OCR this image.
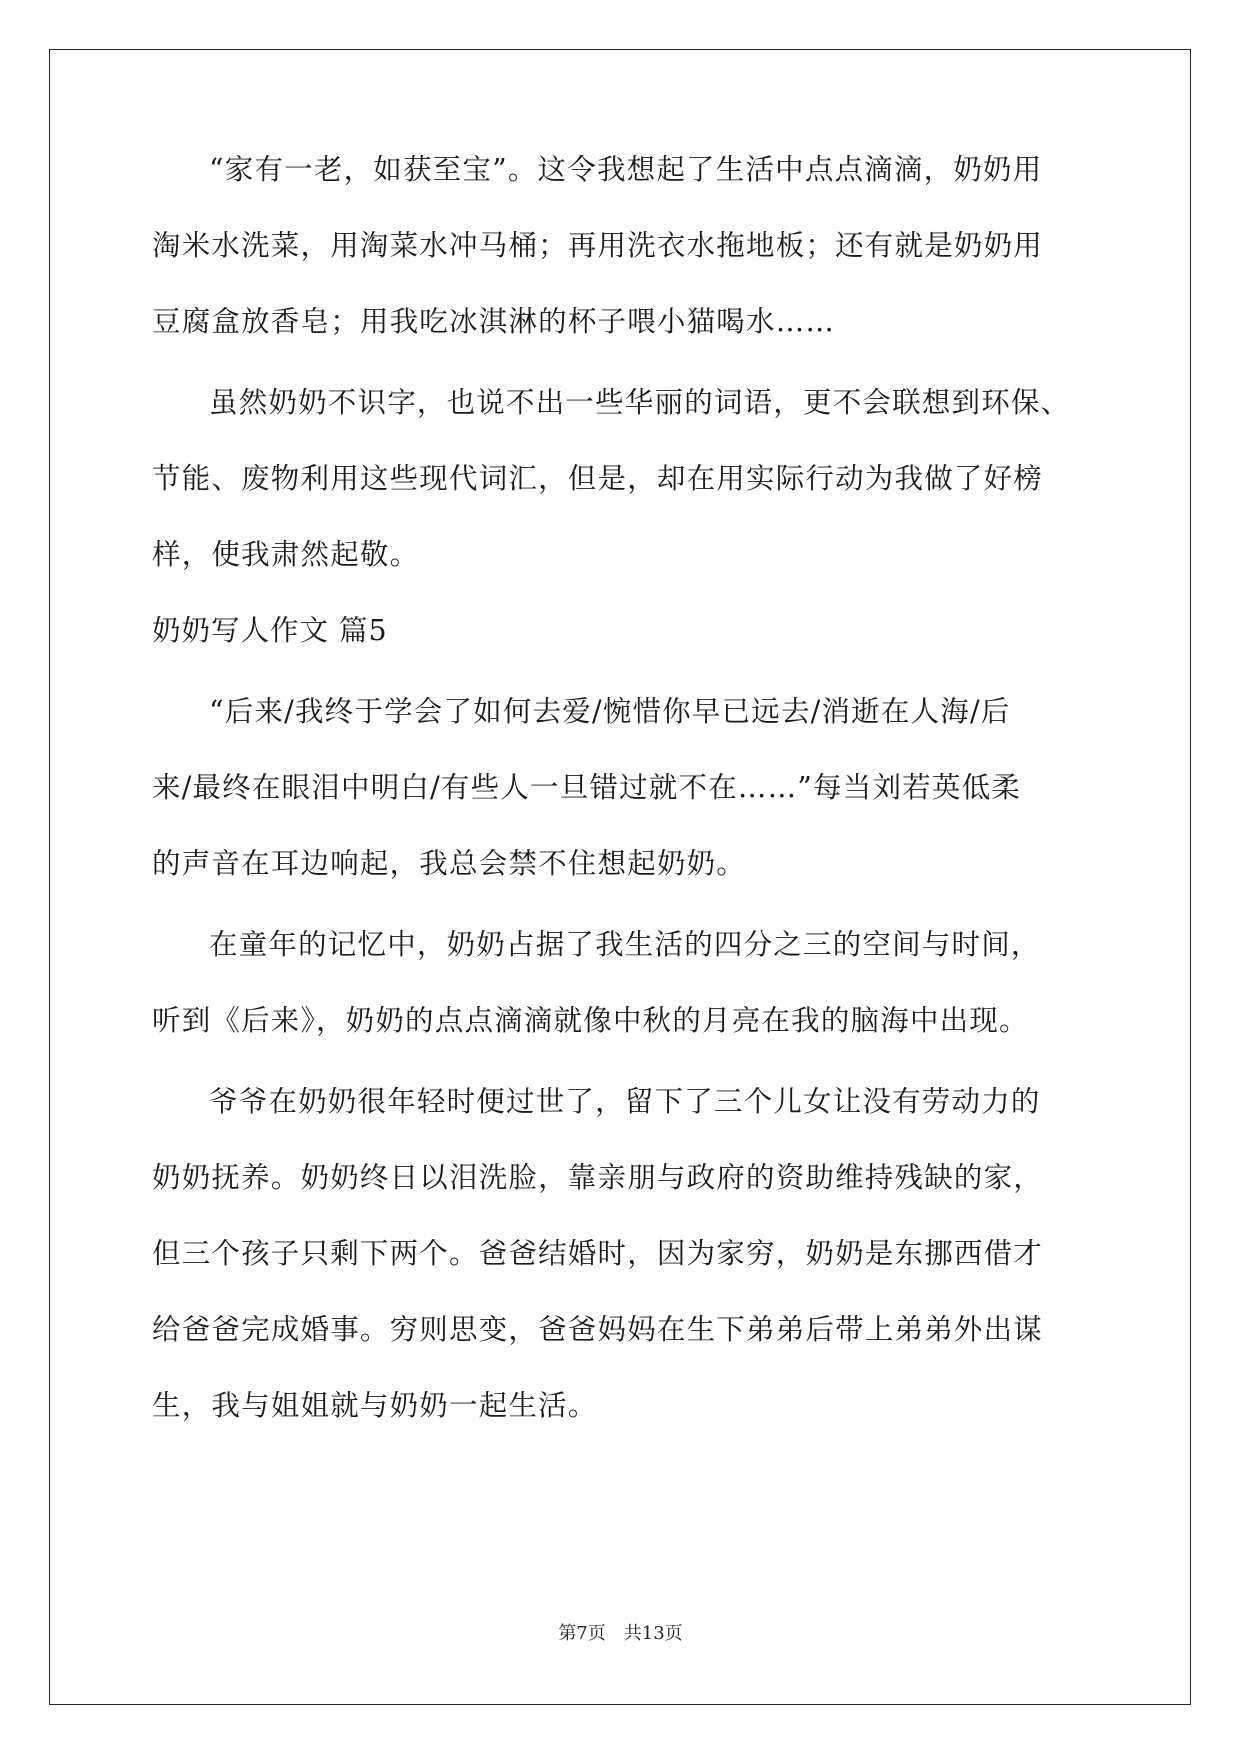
“家有一老，如获至宝”。这令我想起了生活中点点滴滴，奶奶用
淘米水洗菜，用淘菜水冲马桶；再用洗衣水拖地板；还有就是奶奶用
豆腐盒放香皂；用我吃冰淇淋的杯子喂小猫喝水……
虽然奶奶不识字，也说不出一些华丽的词语，更不会联想到环保、
节能、废物利用这些现代词汇，但是，却在用实际行动为我做了好榜
样，使我肃然起敬。
奶奶写人作文 篇5
“后来/我终于学会了如何去爱/惋惜你早已远去/消逝在人海/后
来/最终在眼泪中明白/有些人一旦错过就不在……”每当刘若英低柔
的声音在耳边响起，我总会禁不住想起奶奶。
在童年的记忆中，奶奶占据了我生活的四分之三的空间与时间，
听到《后来》，奶奶的点点滴滴就像中秋的月亮在我的脑海中出现。
爷爷在奶奶很年轻时便过世了，留下了三个儿女让没有劳动力的
奶奶抚养。奶奶终日以泪洗脸，靠亲朋与政府的资助维持残缺的家，
但三个孩子只剩下两个。爸爸结婚时，因为家穷，奶奶是东挪西借才
给爸爸完成婚事。穷则思变，爸爸妈妈在生下弟弟后带上弟弟外出谋
生，我与姐姐就与奶奶一起生活。
第7页　共13页
